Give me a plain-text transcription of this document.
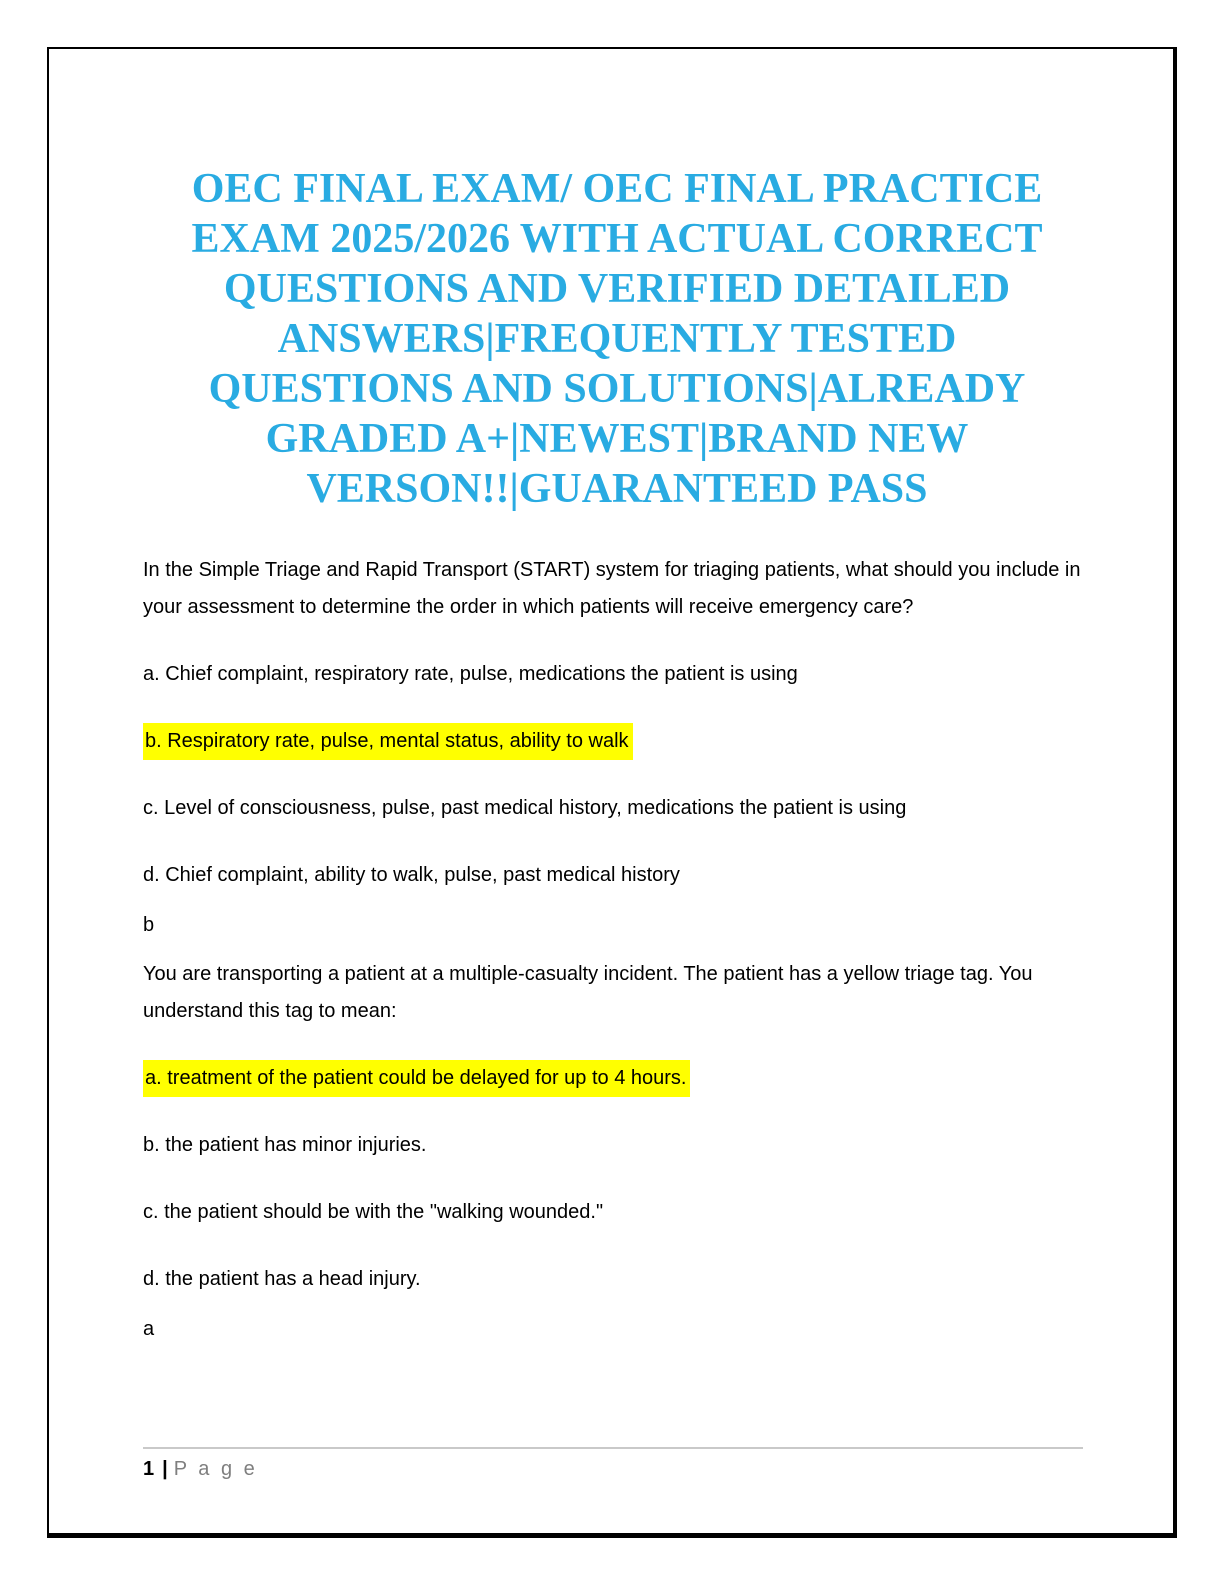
OEC FINAL EXAM/ OEC FINAL PRACTICE
EXAM 2025/2026 WITH ACTUAL CORRECT
QUESTIONS AND VERIFIED DETAILED
ANSWERS|FREQUENTLY TESTED
QUESTIONS AND SOLUTIONS|ALREADY
GRADED A+|NEWEST|BRAND NEW
VERSON!!|GUARANTEED PASS

In the Simple Triage and Rapid Transport (START) system for triaging patients, what should you include in your assessment to determine the order in which patients will receive emergency care?

a. Chief complaint, respiratory rate, pulse, medications the patient is using

b. Respiratory rate, pulse, mental status, ability to walk

c. Level of consciousness, pulse, past medical history, medications the patient is using

d. Chief complaint, ability to walk, pulse, past medical history

b

You are transporting a patient at a multiple-casualty incident. The patient has a yellow triage tag. You understand this tag to mean:

a. treatment of the patient could be delayed for up to 4 hours.

b. the patient has minor injuries.

c. the patient should be with the "walking wounded."

d. the patient has a head injury.

a

1 | P a g e
